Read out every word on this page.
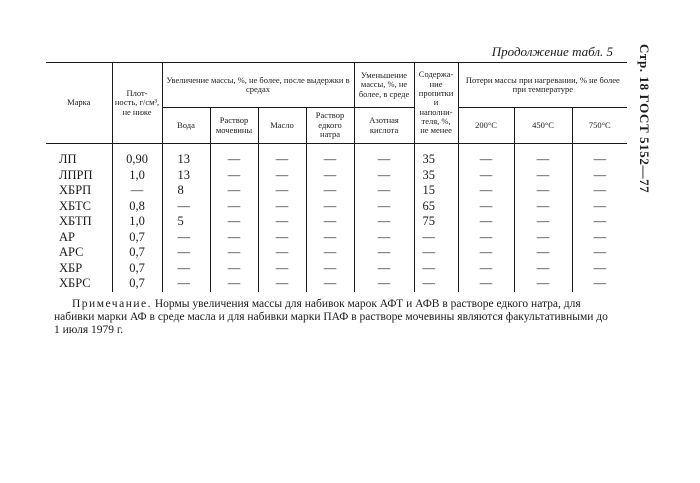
Стр. 18 ГОСТ 5152—77
Продолжение табл. 5
Марка	Плот- ность, г/см³, не ниже	Увеличение массы, %, не более, после выдержки в средах				Уменьшение массы, %, не более, в среде	Содержа- ние пропитки и наполни- теля, %, не менее	Потери массы при нагревании, % не более при температуре		
		Вода	Раствор мочевины	Масло	Раствор едкого натра	Азотная кислота		200°С	450°С	750°С
ЛП	0,90	13	—	—	—	—	35	—	—	—
ЛПРП	1,0	13	—	—	—	—	35	—	—	—
ХБРП	—	8	—	—	—	—	15	—	—	—
ХБТС	0,8	—	—	—	—	—	65	—	—	—
ХБТП	1,0	5	—	—	—	—	75	—	—	—
АР	0,7	—	—	—	—	—	—	—	—	—
АРС	0,7	—	—	—	—	—	—	—	—	—
ХБР	0,7	—	—	—	—	—	—	—	—	—
ХБРС	0,7	—	—	—	—	—	—	—	—	—
Примечание. Нормы увеличения массы для набивок марок АФТ и АФВ в растворе едкого натра, для
набивки марки АФ в среде масла и для набивки марки ПАФ в растворе мочевины являются факультативными до
1 июля 1979 г.
